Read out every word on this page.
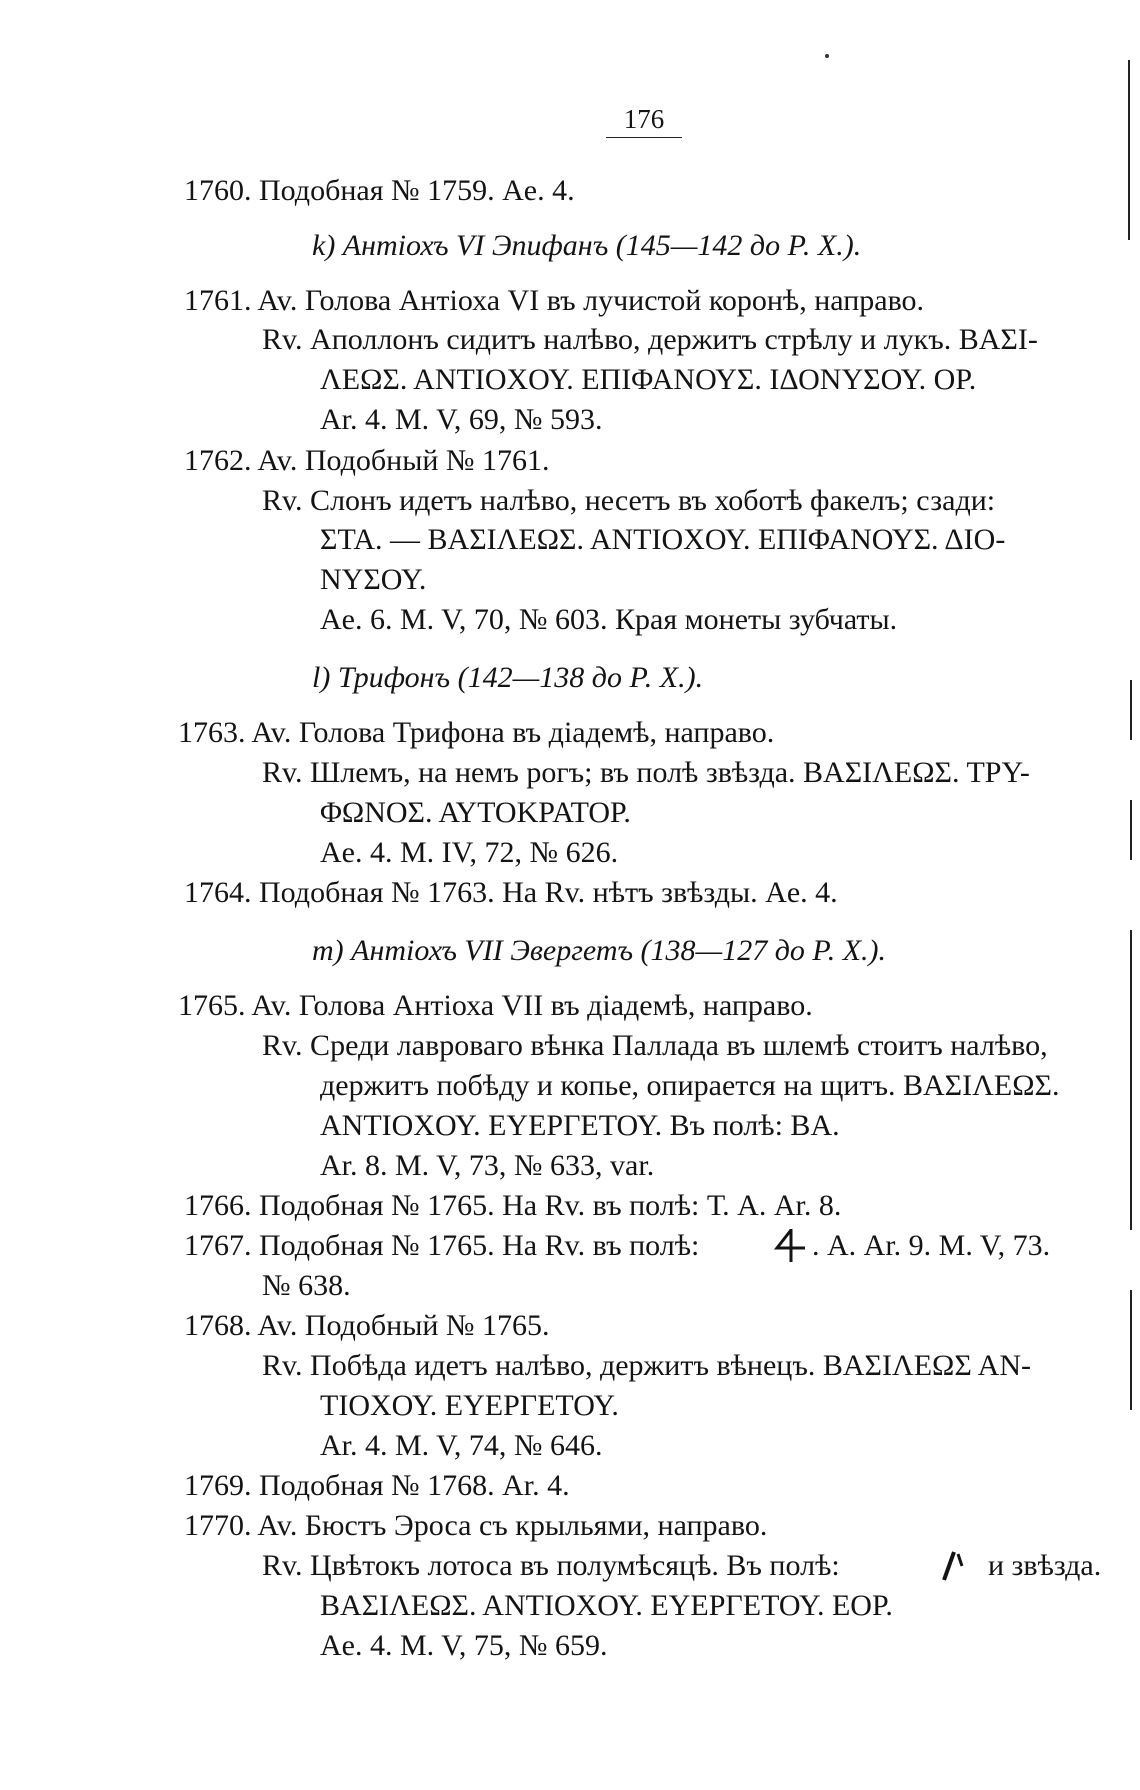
176
1760. Подобная № 1759. Ae. 4.
k) Антіохъ VI Эпифанъ (145—142 до Р. Х.).
1761. Av. Голова Антіоха VI въ лучистой коронѣ, направо.
Rv. Аполлонъ сидитъ налѣво, держитъ стрѣлу и лукъ. ΒΑΣΙ-
ΛΕΩΣ. ΑΝΤΙΟΧΟΥ. ΕΠΙΦΑΝΟΥΣ. ΙΔΟΝΥΣΟΥ. ΟΡ.
Ar. 4. M. V, 69, № 593.
1762. Av. Подобный № 1761.
Rv. Слонъ идетъ налѣво, несетъ въ хоботѣ факелъ; сзади:
ΣΤΑ. — ΒΑΣΙΛΕΩΣ. ΑΝΤΙΟΧΟΥ. ΕΠΙΦΑΝΟΥΣ. ΔΙΟ-
ΝΥΣΟΥ.
Ae. 6. M. V, 70, № 603. Края монеты зубчаты.
l) Трифонъ (142—138 до Р. Х.).
1763. Av. Голова Трифона въ діадемѣ, направо.
Rv. Шлемъ, на немъ рогъ; въ полѣ звѣзда. ΒΑΣΙΛΕΩΣ. ΤΡΥ-
ΦΩΝΟΣ. ΑΥΤΟΚΡΑΤΟΡ.
Ae. 4. M. IV, 72, № 626.
1764. Подобная № 1763. На Rv. нѣтъ звѣзды. Ae. 4.
m) Антіохъ VII Эвергетъ (138—127 до Р. Х.).
1765. Av. Голова Антіоха VII въ діадемѣ, направо.
Rv. Среди лавроваго вѣнка Паллада въ шлемѣ стоитъ налѣво,
держитъ побѣду и копье, опирается на щитъ. ΒΑΣΙΛΕΩΣ.
ΑΝΤΙΟΧΟΥ. ΕΥΕΡΓΕΤΟΥ. Въ полѣ: ΒΑ.
Ar. 8. M. V, 73, № 633, var.
1766. Подобная № 1765. На Rv. въ полѣ: Т. А. Ar. 8.
1767. Подобная № 1765. На Rv. въ полѣ:	. А. Ar. 9. M. V, 73.
№ 638.
1768. Av. Подобный № 1765.
Rv. Побѣда идетъ налѣво, держитъ вѣнецъ. ΒΑΣΙΛΕΩΣ ΑΝ-
ΤΙΟΧΟΥ. ΕΥΕΡΓΕΤΟΥ.
Ar. 4. M. V, 74, № 646.
1769. Подобная № 1768. Ar. 4.
1770. Av. Бюстъ Эроса съ крыльями, направо.
Rv. Цвѣтокъ лотоса въ полумѣсяцѣ. Въ полѣ:	и звѣзда.
ΒΑΣΙΛΕΩΣ. ΑΝΤΙΟΧΟΥ. ΕΥΕΡΓΕΤΟΥ. ΕΟΡ.
Ae. 4. M. V, 75, № 659.
